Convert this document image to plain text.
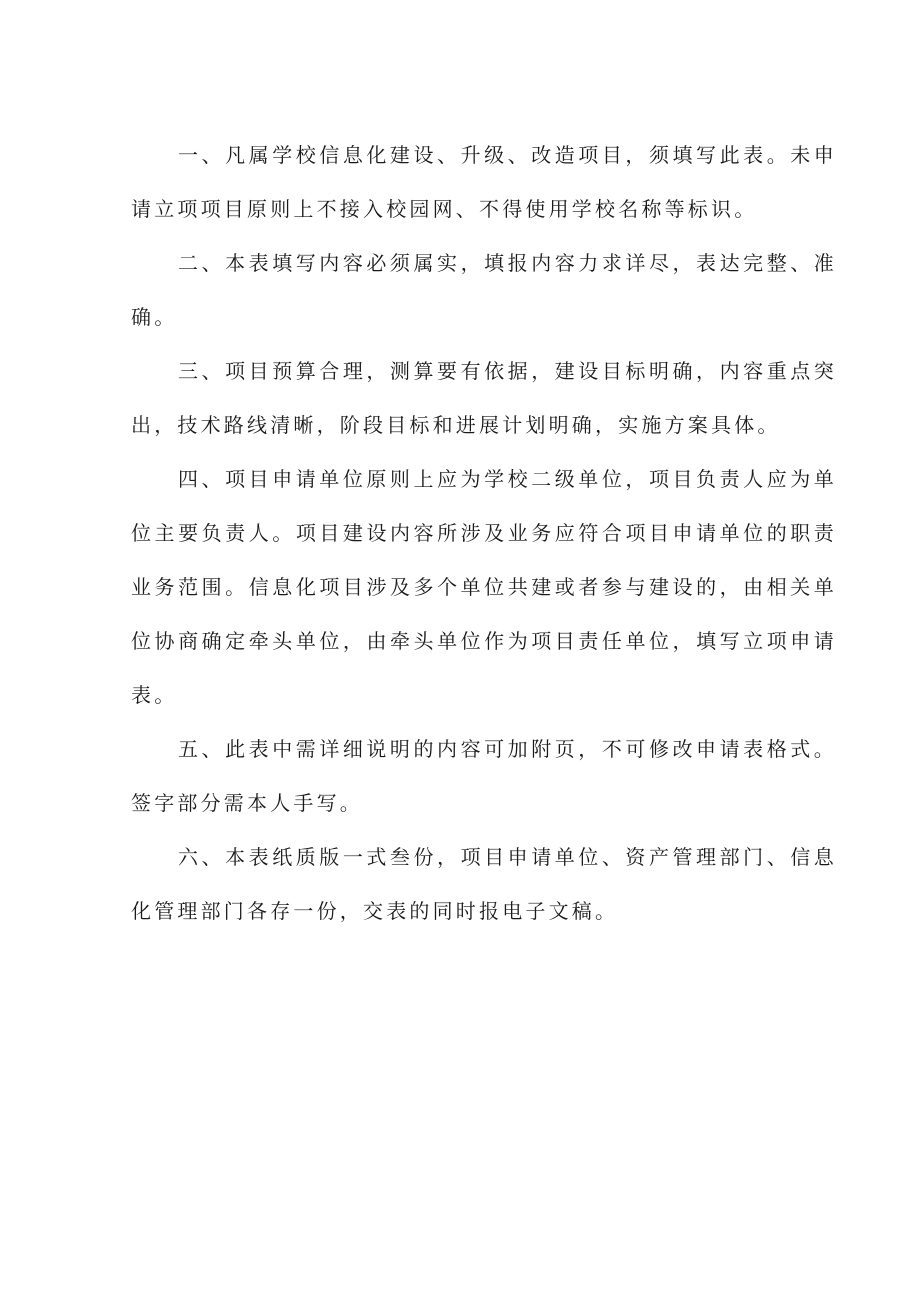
一、凡属学校信息化建设、升级、改造项目，须填写此表。未申请立项项目原则上不接入校园网、不得使用学校名称等标识。

二、本表填写内容必须属实，填报内容力求详尽，表达完整、准确。

三、项目预算合理，测算要有依据，建设目标明确，内容重点突出，技术路线清晰，阶段目标和进展计划明确，实施方案具体。

四、项目申请单位原则上应为学校二级单位，项目负责人应为单位主要负责人。项目建设内容所涉及业务应符合项目申请单位的职责业务范围。信息化项目涉及多个单位共建或者参与建设的，由相关单位协商确定牵头单位，由牵头单位作为项目责任单位，填写立项申请表。

五、此表中需详细说明的内容可加附页，不可修改申请表格式。签字部分需本人手写。

六、本表纸质版一式叁份，项目申请单位、资产管理部门、信息化管理部门各存一份，交表的同时报电子文稿。
